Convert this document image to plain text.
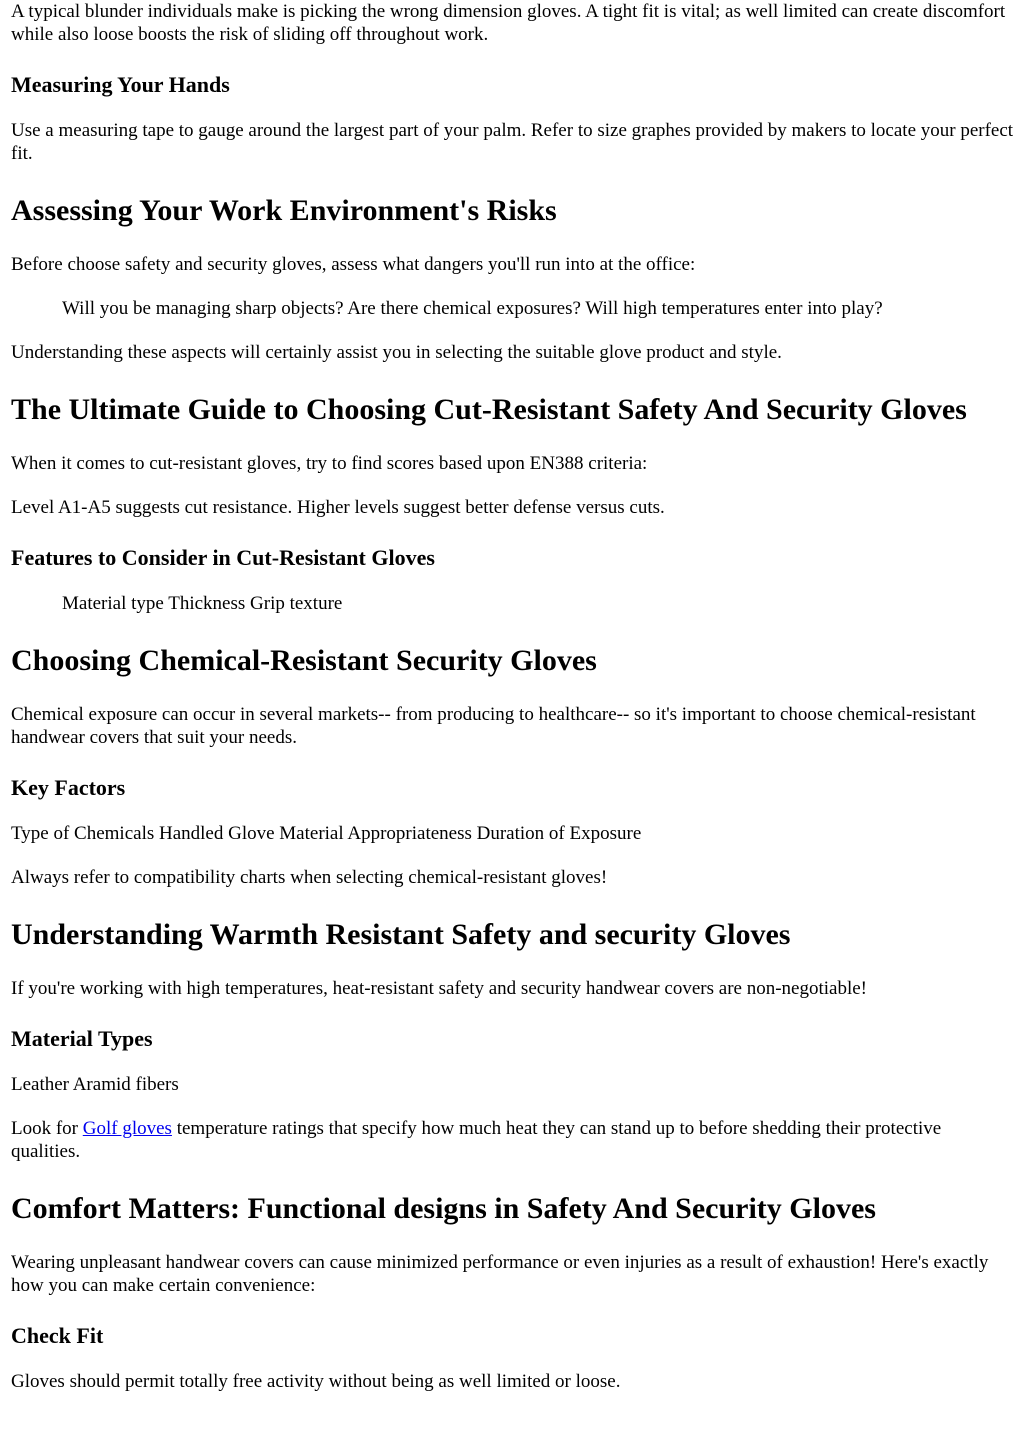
A typical blunder individuals make is picking the wrong dimension gloves. A tight fit is vital; as well limited can create discomfort while also loose boosts the risk of sliding off throughout work.

Measuring Your Hands

Use a measuring tape to gauge around the largest part of your palm. Refer to size graphes provided by makers to locate your perfect fit.

Assessing Your Work Environment's Risks

Before choose safety and security gloves, assess what dangers you'll run into at the office:

Will you be managing sharp objects? Are there chemical exposures? Will high temperatures enter into play?

Understanding these aspects will certainly assist you in selecting the suitable glove product and style.

The Ultimate Guide to Choosing Cut-Resistant Safety And Security Gloves

When it comes to cut-resistant gloves, try to find scores based upon EN388 criteria:

Level A1-A5 suggests cut resistance. Higher levels suggest better defense versus cuts.

Features to Consider in Cut-Resistant Gloves

Material type Thickness Grip texture

Choosing Chemical-Resistant Security Gloves

Chemical exposure can occur in several markets-- from producing to healthcare-- so it's important to choose chemical-resistant handwear covers that suit your needs.

Key Factors

Type of Chemicals Handled Glove Material Appropriateness Duration of Exposure

Always refer to compatibility charts when selecting chemical-resistant gloves!

Understanding Warmth Resistant Safety and security Gloves

If you're working with high temperatures, heat-resistant safety and security handwear covers are non-negotiable!

Material Types

Leather Aramid fibers

Look for Golf gloves temperature ratings that specify how much heat they can stand up to before shedding their protective qualities.

Comfort Matters: Functional designs in Safety And Security Gloves

Wearing unpleasant handwear covers can cause minimized performance or even injuries as a result of exhaustion! Here's exactly how you can make certain convenience:

Check Fit

Gloves should permit totally free activity without being as well limited or loose.
